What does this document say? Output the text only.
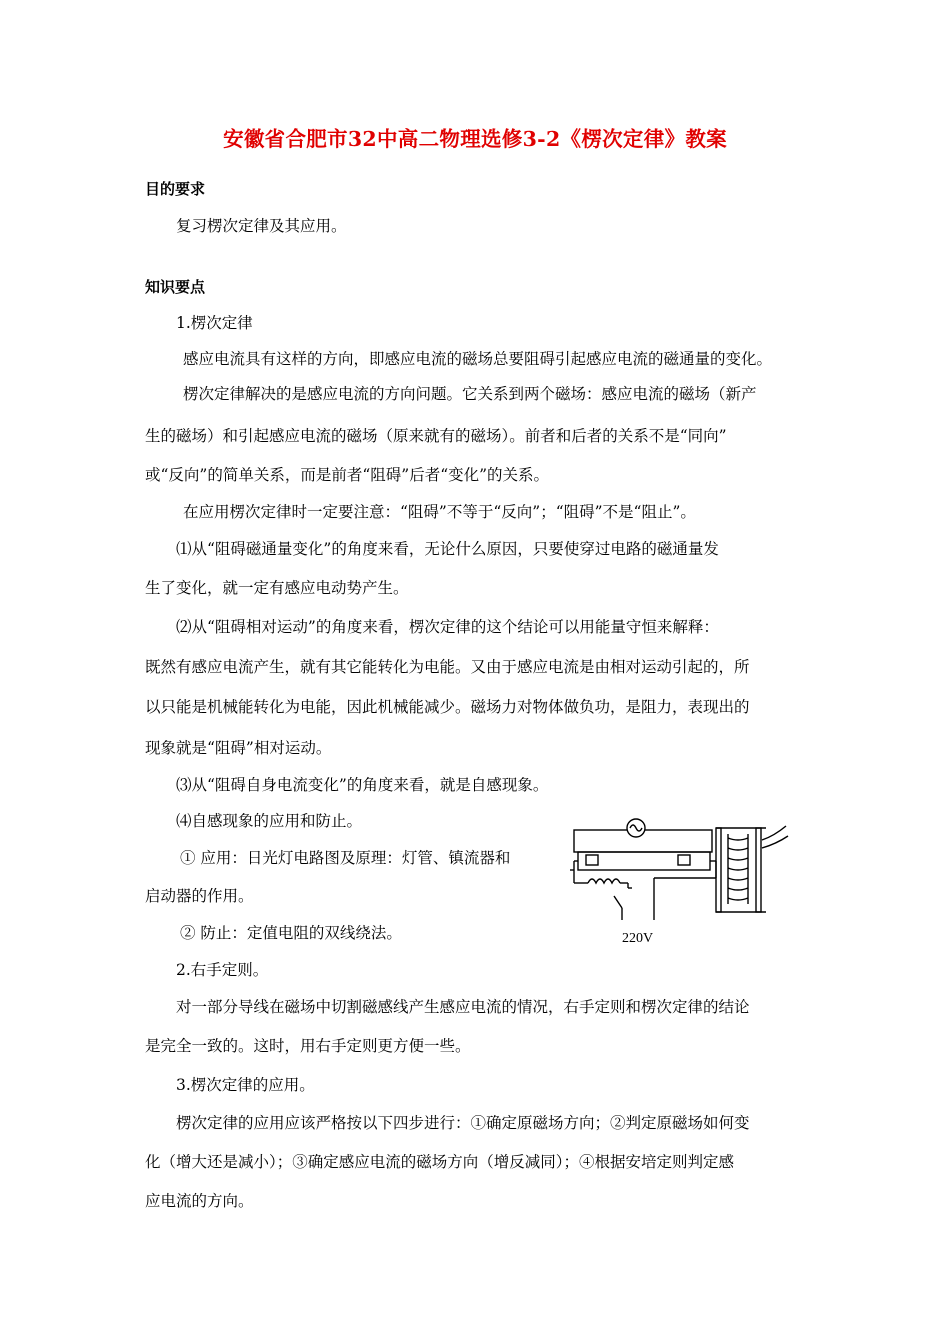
安徽省合肥市32中高二物理选修3-2《楞次定律》教案
目的要求
复习楞次定律及其应用。
知识要点
1.楞次定律
感应电流具有这样的方向，即感应电流的磁场总要阻碍引起感应电流的磁通量的变化。
楞次定律解决的是感应电流的方向问题。它关系到两个磁场：感应电流的磁场（新产
生的磁场）和引起感应电流的磁场（原来就有的磁场）。前者和后者的关系不是“同向”
或“反向”的简单关系，而是前者“阻碍”后者“变化”的关系。
在应用楞次定律时一定要注意：“阻碍”不等于“反向”；“阻碍”不是“阻止”。
⑴从“阻碍磁通量变化”的角度来看，无论什么原因，只要使穿过电路的磁通量发
生了变化，就一定有感应电动势产生。
⑵从“阻碍相对运动”的角度来看，楞次定律的这个结论可以用能量守恒来解释：
既然有感应电流产生，就有其它能转化为电能。又由于感应电流是由相对运动引起的，所
以只能是机械能转化为电能，因此机械能减少。磁场力对物体做负功，是阻力，表现出的
现象就是“阻碍”相对运动。
⑶从“阻碍自身电流变化”的角度来看，就是自感现象。
⑷自感现象的应用和防止。
① 应用：日光灯电路图及原理：灯管、镇流器和
启动器的作用。
② 防止：定值电阻的双线绕法。
2.右手定则。
对一部分导线在磁场中切割磁感线产生感应电流的情况，右手定则和楞次定律的结论
是完全一致的。这时，用右手定则更方便一些。
3.楞次定律的应用。
楞次定律的应用应该严格按以下四步进行：①确定原磁场方向；②判定原磁场如何变
化（增大还是减小）；③确定感应电流的磁场方向（增反减同）；④根据安培定则判定感
应电流的方向。
220V
